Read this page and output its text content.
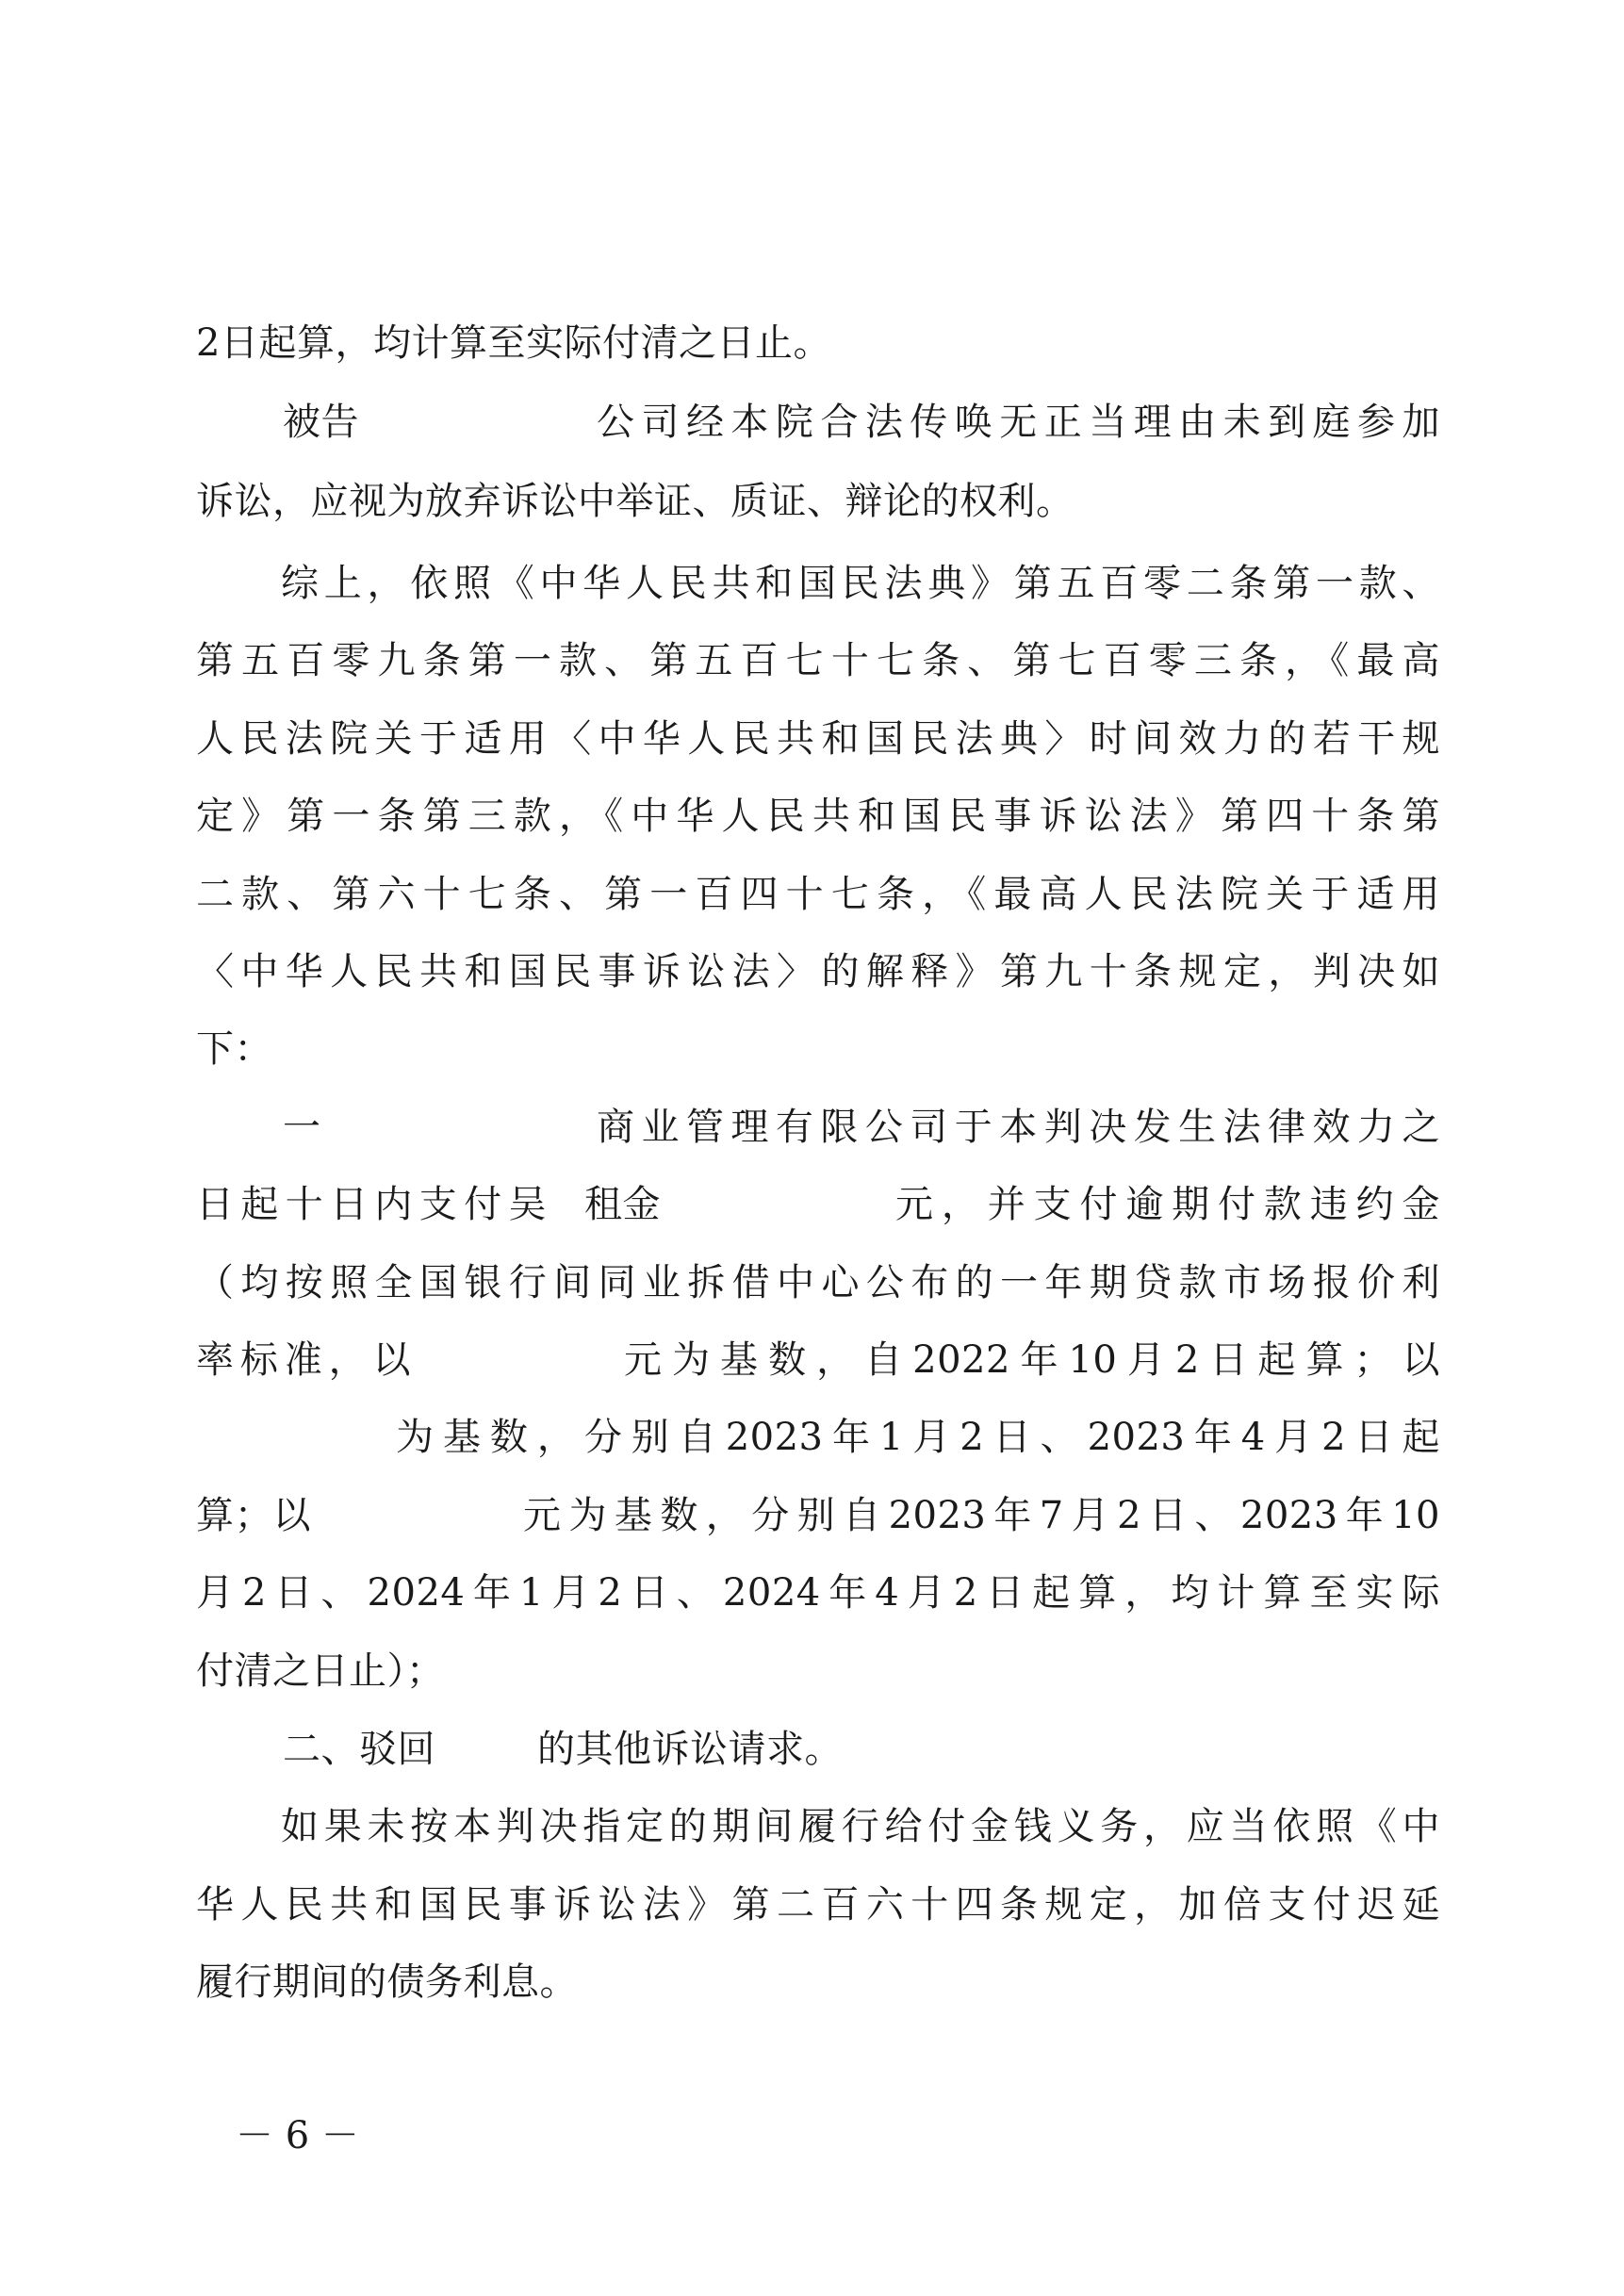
2日起算，均计算至实际付清之日止。
被告	公司经本院合法传唤无正当理由未到庭参加
诉讼，应视为放弃诉讼中举证、质证、辩论的权利。
综上，依照《中华人民共和国民法典》第五百零二条第一款、
第五百零九条第一款、第五百七十七条、第七百零三条，《最高
人民法院关于适用〈中华人民共和国民法典〉时间效力的若干规
定》第一条第三款，《中华人民共和国民事诉讼法》第四十条第
二款、第六十七条、第一百四十七条，《最高人民法院关于适用
〈中华人民共和国民事诉讼法〉的解释》第九十条规定，判决如
下：
一	商业管理有限公司于本判决发生法律效力之
日起十日内支付吴 租金	元，并支付逾期付款违约金
（均按照全国银行间同业拆借中心公布的一年期贷款市场报价利
率标准，以	元为基数，自2022年10月2日起算；以
为基数，分别自2023年1月2日、2023年4月2日起
算；以	元为基数，分别自2023年7月2日、2023年10
月2日、2024年1月2日、2024年4月2日起算，均计算至实际
付清之日止）；
二、驳回	的其他诉讼请求。
如果未按本判决指定的期间履行给付金钱义务，应当依照《中
华人民共和国民事诉讼法》第二百六十四条规定，加倍支付迟延
履行期间的债务利息。
－ 6 －
